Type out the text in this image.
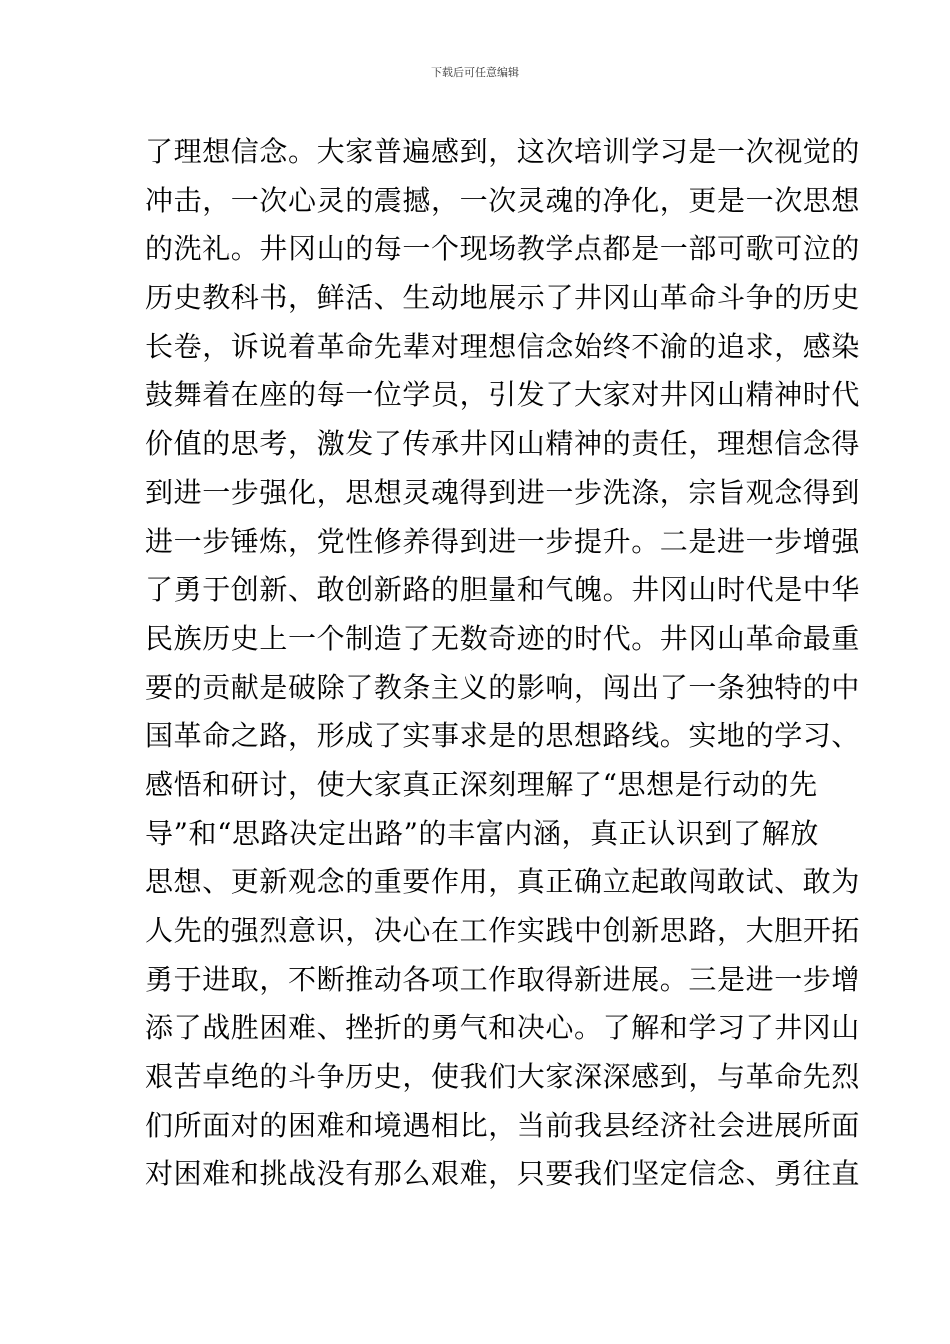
下载后可任意编辑
了理想信念。大家普遍感到，这次培训学习是一次视觉的
冲击，一次心灵的震撼，一次灵魂的净化，更是一次思想
的洗礼。井冈山的每一个现场教学点都是一部可歌可泣的
历史教科书，鲜活、生动地展示了井冈山革命斗争的历史
长卷，诉说着革命先辈对理想信念始终不渝的追求，感染
鼓舞着在座的每一位学员，引发了大家对井冈山精神时代
价值的思考，激发了传承井冈山精神的责任，理想信念得
到进一步强化，思想灵魂得到进一步洗涤，宗旨观念得到
进一步锤炼，党性修养得到进一步提升。二是进一步增强
了勇于创新、敢创新路的胆量和气魄。井冈山时代是中华
民族历史上一个制造了无数奇迹的时代。井冈山革命最重
要的贡献是破除了教条主义的影响，闯出了一条独特的中
国革命之路，形成了实事求是的思想路线。实地的学习、
感悟和研讨，使大家真正深刻理解了“思想是行动的先
导”和“思路决定出路”的丰富内涵，真正认识到了解放
思想、更新观念的重要作用，真正确立起敢闯敢试、敢为
人先的强烈意识，决心在工作实践中创新思路，大胆开拓
勇于进取，不断推动各项工作取得新进展。三是进一步增
添了战胜困难、挫折的勇气和决心。了解和学习了井冈山
艰苦卓绝的斗争历史，使我们大家深深感到，与革命先烈
们所面对的困难和境遇相比，当前我县经济社会进展所面
对困难和挑战没有那么艰难，只要我们坚定信念、勇往直
